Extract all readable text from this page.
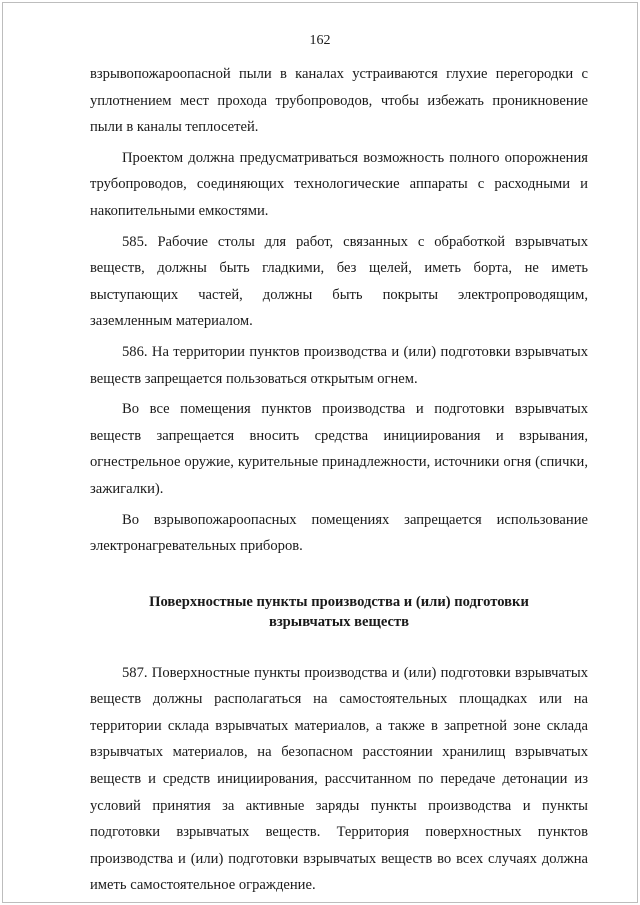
162

взрывопожароопасной пыли в каналах устраиваются глухие перегородки с уплотнением мест прохода трубопроводов, чтобы избежать проникновение пыли в каналы теплосетей.

Проектом должна предусматриваться возможность полного опорожнения трубопроводов, соединяющих технологические аппараты с расходными и накопительными емкостями.

585. Рабочие столы для работ, связанных с обработкой взрывчатых веществ, должны быть гладкими, без щелей, иметь борта, не иметь выступающих частей, должны быть покрыты электропроводящим, заземленным материалом.

586. На территории пунктов производства и (или) подготовки взрывчатых веществ запрещается пользоваться открытым огнем.

Во все помещения пунктов производства и подготовки взрывчатых веществ запрещается вносить средства инициирования и взрывания, огнестрельное оружие, курительные принадлежности, источники огня (спички, зажигалки).

Во взрывопожароопасных помещениях запрещается использование электронагревательных приборов.

Поверхностные пункты производства и (или) подготовки
взрывчатых веществ

587. Поверхностные пункты производства и (или) подготовки взрывчатых веществ должны располагаться на самостоятельных площадках или на территории склада взрывчатых материалов, а также в запретной зоне склада взрывчатых материалов, на безопасном расстоянии хранилищ взрывчатых веществ и средств инициирования, рассчитанном по передаче детонации из условий принятия за активные заряды пункты производства и пункты подготовки взрывчатых веществ. Территория поверхностных пунктов производства и (или) подготовки взрывчатых веществ во всех случаях должна иметь самостоятельное ограждение.
